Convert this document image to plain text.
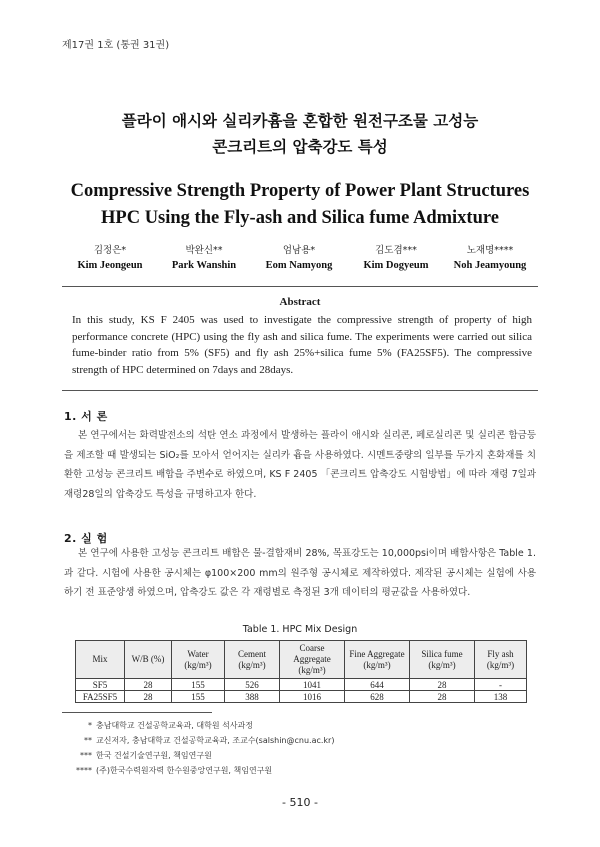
제17권 1호 (통권 31권)
플라이 애시와 실리카흄을 혼합한 원전구조물 고성능
콘크리트의 압축강도 특성
Compressive Strength Property of Power Plant Structures
HPC Using the Fly-ash and Silica fume Admixture
김정은*
Kim Jeongeun
박완신**
Park Wanshin
엄남용*
Eom Namyong
김도겸***
Kim Dogyeum
노재명****
Noh Jeamyoung
Abstract
In this study, KS F 2405 was used to investigate the compressive strength of property of high performance concrete (HPC) using the fly ash and silica fume. The experiments were carried out silica fume-binder ratio from 5% (SF5) and fly ash 25%+silica fume 5% (FA25SF5). The compressive strength of HPC determined on 7days and 28days.
1. 서 론
본 연구에서는 화력발전소의 석탄 연소 과정에서 발생하는 플라이 애시와 실리콘, 페로실리콘 및 실리콘 합금등을 제조할 때 발생되는 SiO₂를 모아서 얻어지는 실리카 흄을 사용하였다. 시멘트중량의 일부를 두가지 혼화재를 치환한 고성능 콘크리트 배합을 주변수로 하였으며, KS F 2405 「콘크리트 압축강도 시험방법」에 따라 재령 7일과 재령28일의 압축강도 특성을 규명하고자 한다.
2. 실 험
본 연구에 사용한 고성능 콘크리트 배합은 물-결합재비 28%, 목표강도는 10,000psi이며 배합사항은 Table 1.과 같다. 시험에 사용한 공시체는 φ100×200 mm의 원주형 공시체로 제작하였다. 제작된 공시체는 실험에 사용하기 전 표준양생 하였으며, 압축강도 값은 각 재령별로 측정된 3개 데이터의 평균값을 사용하였다.
Table 1. HPC Mix Design
Mix	W/B (%)	Water (kg/m³)	Cement (kg/m³)	Coarse Aggregate (kg/m³)	Fine Aggregate (kg/m³)	Silica fume (kg/m³)	Fly ash (kg/m³)
SF5	28	155	526	1041	644	28	-
FA25SF5	28	155	388	1016	628	28	138
* 충남대학교 건설공학교육과, 대학원 석사과정
** 교신저자, 충남대학교 건설공학교육과, 조교수(salshin@cnu.ac.kr)
*** 한국 건설기술연구원, 책임연구원
**** (주)한국수력원자력 한수원중앙연구원, 책임연구원
- 510 -
